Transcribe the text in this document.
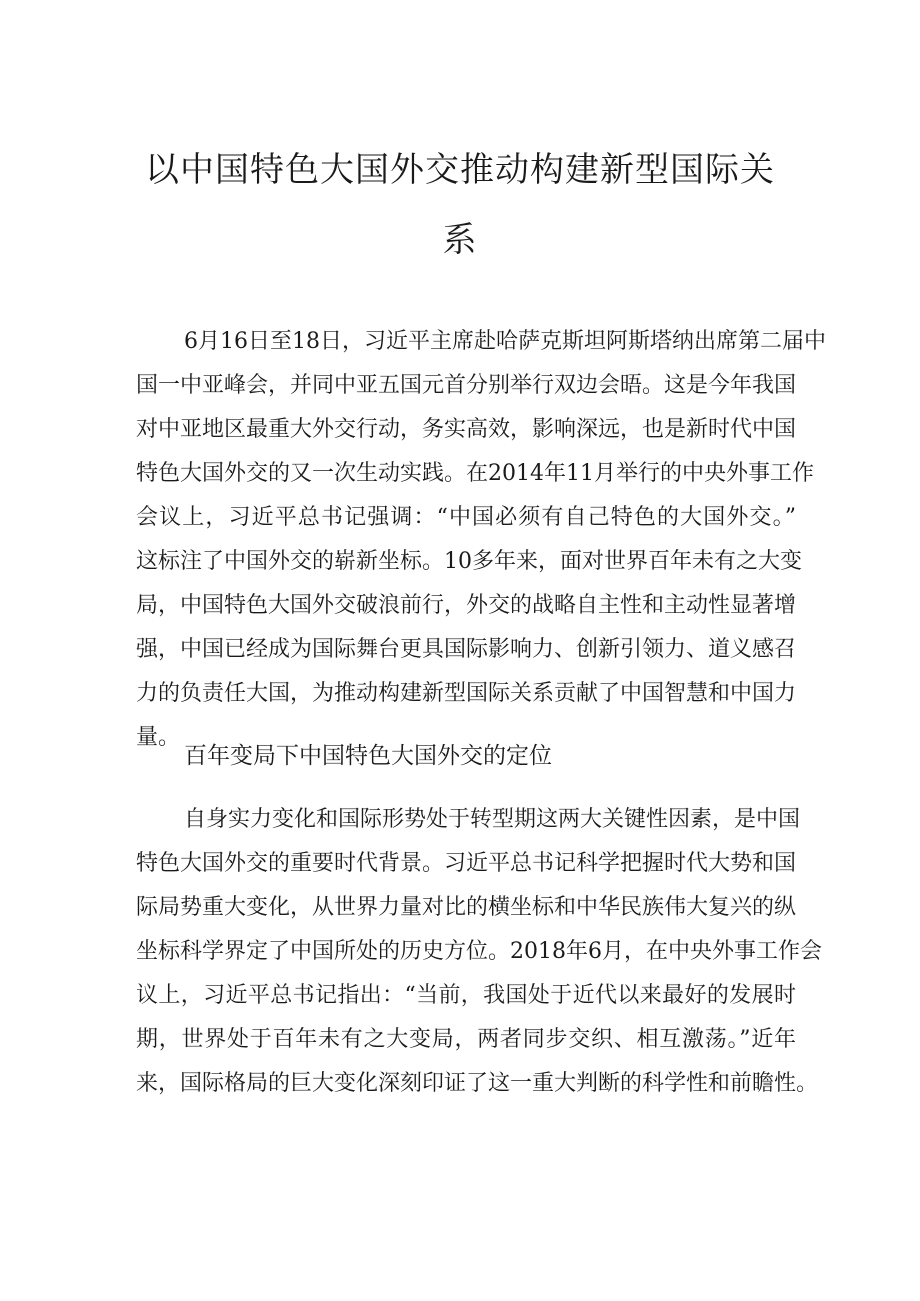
以中国特色大国外交推动构建新型国际关
系
6月16日至18日，习近平主席赴哈萨克斯坦阿斯塔纳出席第二届中
国一中亚峰会，并同中亚五国元首分别举行双边会晤。这是今年我国
对中亚地区最重大外交行动，务实高效，影响深远，也是新时代中国
特色大国外交的又一次生动实践。在2014年11月举行的中央外事工作
会议上，习近平总书记强调：“中国必须有自己特色的大国外交。”
这标注了中国外交的崭新坐标。10多年来，面对世界百年未有之大变
局，中国特色大国外交破浪前行，外交的战略自主性和主动性显著增
强，中国已经成为国际舞台更具国际影响力、创新引领力、道义感召
力的负责任大国，为推动构建新型国际关系贡献了中国智慧和中国力
量。
百年变局下中国特色大国外交的定位
自身实力变化和国际形势处于转型期这两大关键性因素，是中国
特色大国外交的重要时代背景。习近平总书记科学把握时代大势和国
际局势重大变化，从世界力量对比的横坐标和中华民族伟大复兴的纵
坐标科学界定了中国所处的历史方位。2018年6月，在中央外事工作会
议上，习近平总书记指出：“当前，我国处于近代以来最好的发展时
期，世界处于百年未有之大变局，两者同步交织、相互激荡。”近年
来，国际格局的巨大变化深刻印证了这一重大判断的科学性和前瞻性。
